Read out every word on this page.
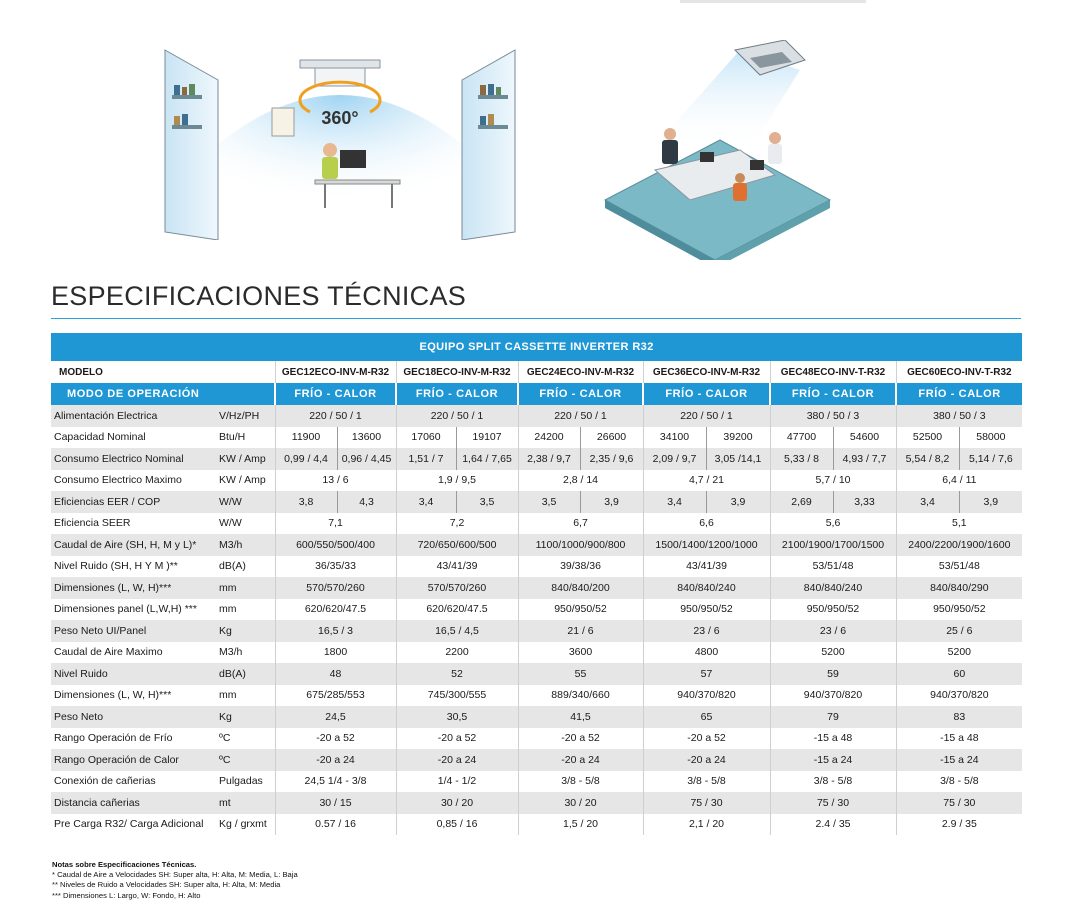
360°
ESPECIFICACIONES TÉCNICAS
EQUIPO SPLIT CASSETTE INVERTER R32													
MODELO		GEC12ECO-INV-M-R32		GEC18ECO-INV-M-R32		GEC24ECO-INV-M-R32		GEC36ECO-INV-M-R32		GEC48ECO-INV-T-R32		GEC60ECO-INV-T-R32	
MODO DE OPERACIÓN		FRÍO - CALOR		FRÍO - CALOR		FRÍO - CALOR		FRÍO - CALOR		FRÍO - CALOR		FRÍO - CALOR	
Alimentación Electrica	V/Hz/PH	220 / 50 / 1		220 / 50 / 1		220 / 50 / 1		220 / 50 / 1		380 / 50 / 3		380 / 50 / 3	
Capacidad Nominal	Btu/H	11900	13600	17060	19107	24200	26600	34100	39200	47700	54600	52500	58000
Consumo Electrico Nominal	KW / Amp	0,99 / 4,4	0,96 / 4,45	1,51 / 7	1,64 / 7,65	2,38 / 9,7	2,35 / 9,6	2,09 / 9,7	3,05 /14,1	5,33 / 8	4,93 / 7,7	5,54 / 8,2	5,14 / 7,6
Consumo Electrico Maximo	KW / Amp	13 / 6		1,9 / 9,5		2,8 / 14		4,7 / 21		5,7 / 10		6,4 / 11	
Eficiencias EER / COP	W/W	3,8	4,3	3,4	3,5	3,5	3,9	3,4	3,9	2,69	3,33	3,4	3,9
Eficiencia SEER	W/W	7,1		7,2		6,7		6,6		5,6		5,1	
Caudal de Aire (SH, H, M y L)*	M3/h	600/550/500/400		720/650/600/500		1100/1000/900/800		1500/1400/1200/1000		2100/1900/1700/1500		2400/2200/1900/1600	
Nivel Ruido (SH, H Y M )**	dB(A)	36/35/33		43/41/39		39/38/36		43/41/39		53/51/48		53/51/48	
Dimensiones (L, W, H)***	mm	570/570/260		570/570/260		840/840/200		840/840/240		840/840/240		840/840/290	
Dimensiones panel (L,W,H) ***	mm	620/620/47.5		620/620/47.5		950/950/52		950/950/52		950/950/52		950/950/52	
Peso Neto UI/Panel	Kg	16,5 / 3		16,5 / 4,5		21 / 6		23 / 6		23 / 6		25 / 6	
Caudal de Aire Maximo	M3/h	1800		2200		3600		4800		5200		5200	
Nivel Ruido	dB(A)	48		52		55		57		59		60	
Dimensiones (L, W, H)***	mm	675/285/553		745/300/555		889/340/660		940/370/820		940/370/820		940/370/820	
Peso Neto	Kg	24,5		30,5		41,5		65		79		83	
Rango Operación de Frío	ºC	-20 a 52		-20 a 52		-20 a 52		-20 a 52		-15 a 48		-15 a 48	
Rango Operación de Calor	ºC	-20 a 24		-20 a 24		-20 a 24		-20 a 24		-15 a 24		-15 a 24	
Conexión de cañerias	Pulgadas	24,5 1/4 - 3/8		1/4 - 1/2		3/8 - 5/8		3/8 - 5/8		3/8 - 5/8		3/8 - 5/8	
Distancia cañerias	mt	30 / 15		30 / 20		30 / 20		75 / 30		75 / 30		75 / 30	
Pre Carga R32/ Carga Adicional	Kg / grxmt	0.57 / 16		0,85 / 16		1,5 / 20		2,1 / 20		2.4 / 35		2.9 / 35	
Notas sobre Especificaciones Técnicas.
* Caudal de Aire a Velocidades SH: Super alta, H: Alta, M: Media, L: Baja
** Niveles de Ruido a Velocidades SH: Super alta, H: Alta, M: Media
*** Dimensiones L: Largo, W: Fondo, H: Alto
